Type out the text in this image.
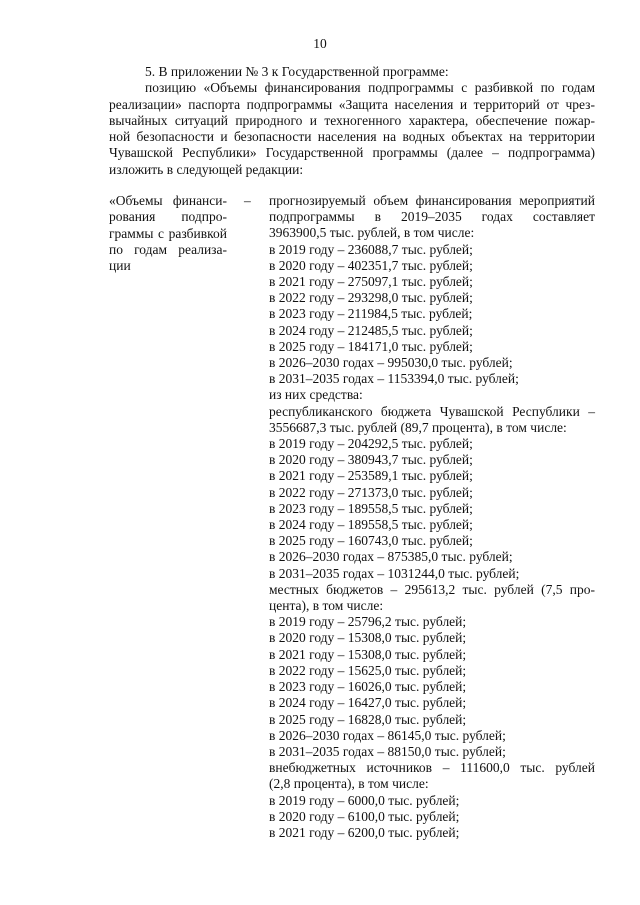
10

5. В приложении № 3 к Государственной программе:

позицию «Объемы финансирования подпрограммы с разбивкой по годам

реализации» паспорта подпрограммы «Защита населения и территорий от чрез-

вычайных ситуаций природного и техногенного характера, обеспечение пожар-

ной безопасности и безопасности населения на водных объектах на территории

Чувашской Республики» Государственной программы (далее – подпрограмма)

изложить в следующей редакции:

«Объемы финанси-
рования подпро-
граммы с разбивкой
по годам реализа-
ции
– прогнозируемый объем финансирования мероприятий
подпрограммы в 2019–2035 годах составляет
3963900,5 тыс. рублей, в том числе:
в 2019 году – 236088,7 тыс. рублей;
в 2020 году – 402351,7 тыс. рублей;
в 2021 году – 275097,1 тыс. рублей;
в 2022 году – 293298,0 тыс. рублей;
в 2023 году – 211984,5 тыс. рублей;
в 2024 году – 212485,5 тыс. рублей;
в 2025 году – 184171,0 тыс. рублей;
в 2026–2030 годах – 995030,0 тыс. рублей;
в 2031–2035 годах – 1153394,0 тыс. рублей;
из них средства:
республиканского бюджета Чувашской Республики –
3556687,3 тыс. рублей (89,7 процента), в том числе:
в 2019 году – 204292,5 тыс. рублей;
в 2020 году – 380943,7 тыс. рублей;
в 2021 году – 253589,1 тыс. рублей;
в 2022 году – 271373,0 тыс. рублей;
в 2023 году – 189558,5 тыс. рублей;
в 2024 году – 189558,5 тыс. рублей;
в 2025 году – 160743,0 тыс. рублей;
в 2026–2030 годах – 875385,0 тыс. рублей;
в 2031–2035 годах – 1031244,0 тыс. рублей;
местных бюджетов – 295613,2 тыс. рублей (7,5 про-
цента), в том числе:
в 2019 году – 25796,2 тыс. рублей;
в 2020 году – 15308,0 тыс. рублей;
в 2021 году – 15308,0 тыс. рублей;
в 2022 году – 15625,0 тыс. рублей;
в 2023 году – 16026,0 тыс. рублей;
в 2024 году – 16427,0 тыс. рублей;
в 2025 году – 16828,0 тыс. рублей;
в 2026–2030 годах – 86145,0 тыс. рублей;
в 2031–2035 годах – 88150,0 тыс. рублей;
внебюджетных источников – 111600,0 тыс. рублей
(2,8 процента), в том числе:
в 2019 году – 6000,0 тыс. рублей;
в 2020 году – 6100,0 тыс. рублей;
в 2021 году – 6200,0 тыс. рублей;
